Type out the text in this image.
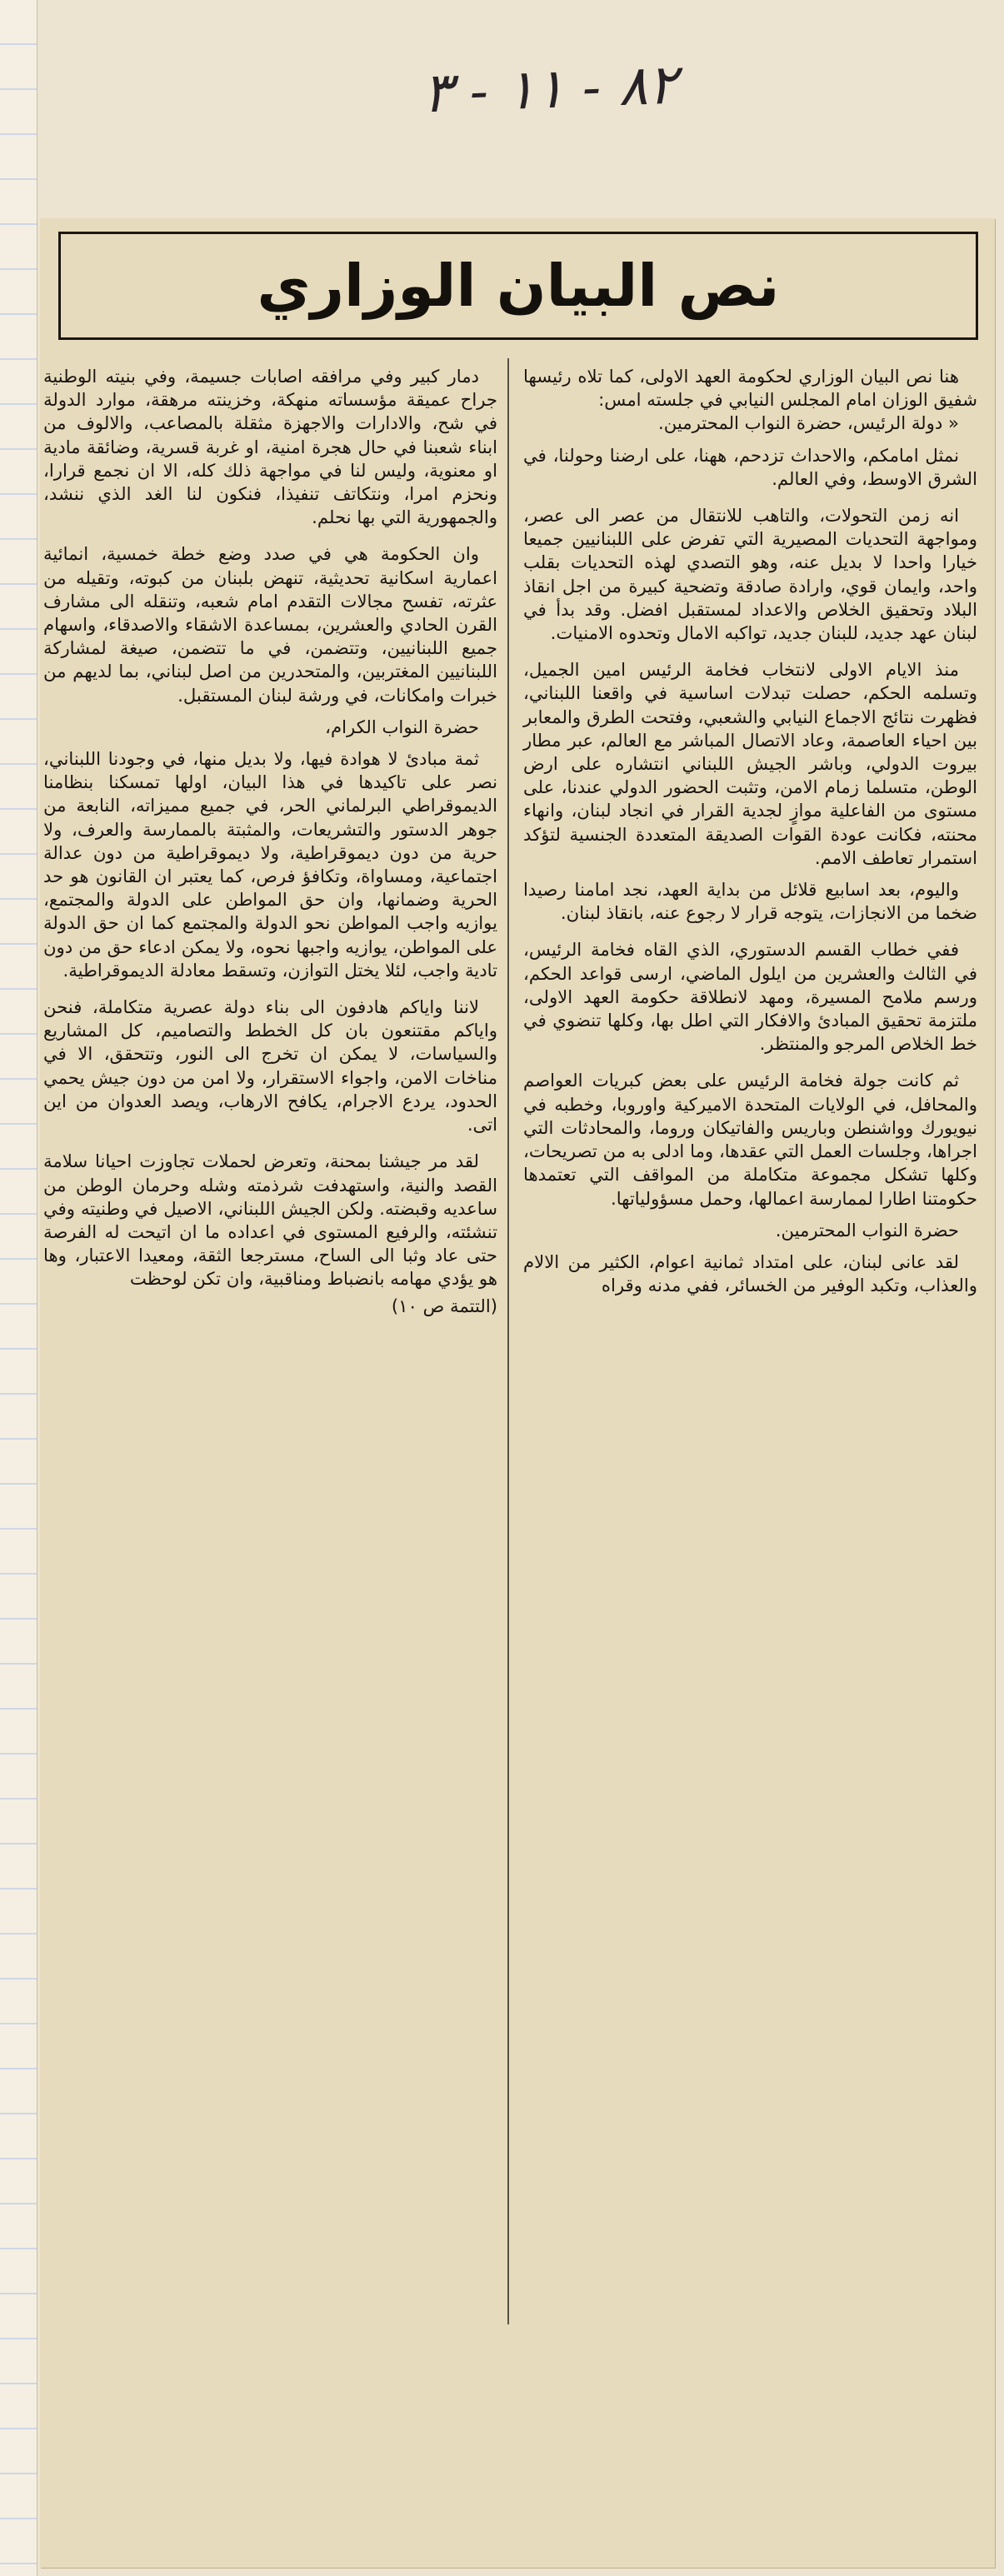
٨٢ - ١١ - ٣
نص البيان الوزاري

هنا نص البيان الوزاري لحكومة العهد الاولى، كما تلاه رئيسها شفيق الوزان امام المجلس النيابي في جلسته امس:

« دولة الرئيس، حضرة النواب المحترمين.

نمثل امامكم، والاحداث تزدحم، ههنا، على ارضنا وحولنا، في الشرق الاوسط، وفي العالم.

انه زمن التحولات، والتاهب للانتقال من عصر الى عصر، ومواجهة التحديات المصيرية التي تفرض على اللبنانيين جميعا خيارا واحدا لا بديل عنه، وهو التصدي لهذه التحديات بقلب واحد، وايمان قوي، وارادة صادقة وتضحية كبيرة من اجل انقاذ البلاد وتحقيق الخلاص والاعداد لمستقبل افضل. وقد بدأ في لبنان عهد جديد، للبنان جديد، تواكبه الامال وتحدوه الامنيات.

منذ الايام الاولى لانتخاب فخامة الرئيس امين الجميل، وتسلمه الحكم، حصلت تبدلات اساسية في واقعنا اللبناني، فظهرت نتائج الاجماع النيابي والشعبي، وفتحت الطرق والمعابر بين احياء العاصمة، وعاد الاتصال المباشر مع العالم، عبر مطار بيروت الدولي، وباشر الجيش اللبناني انتشاره على ارض الوطن، متسلما زمام الامن، وتثبت الحضور الدولي عندنا، على مستوى من الفاعلية موازٍ لجدية القرار في انجاد لبنان، وانهاء محنته، فكانت عودة القوات الصديقة المتعددة الجنسية لتؤكد استمرار تعاطف الامم.

واليوم، بعد اسابيع قلائل من بداية العهد، نجد امامنا رصيدا ضخما من الانجازات، يتوجه قرار لا رجوع عنه، بانقاذ لبنان.

ففي خطاب القسم الدستوري، الذي القاه فخامة الرئيس، في الثالث والعشرين من ايلول الماضي، ارسى قواعد الحكم، ورسم ملامح المسيرة، ومهد لانطلاقة حكومة العهد الاولى، ملتزمة تحقيق المبادئ والافكار التي اطل بها، وكلها تنضوي في خط الخلاص المرجو والمنتظر.

ثم كانت جولة فخامة الرئيس على بعض كبريات العواصم والمحافل، في الولايات المتحدة الاميركية واوروبا، وخطبه في نيويورك وواشنطن وباريس والفاتيكان وروما، والمحادثات التي اجراها، وجلسات العمل التي عقدها، وما ادلى به من تصريحات، وكلها تشكل مجموعة متكاملة من المواقف التي تعتمدها حكومتنا اطارا لممارسة اعمالها، وحمل مسؤولياتها.

حضرة النواب المحترمين.

لقد عانى لبنان، على امتداد ثمانية اعوام، الكثير من الالام والعذاب، وتكبد الوفير من الخسائر، ففي مدنه وقراه

دمار كبير وفي مرافقه اصابات جسيمة، وفي بنيته الوطنية جراح عميقة مؤسساته منهكة، وخزينته مرهقة، موارد الدولة في شح، والادارات والاجهزة مثقلة بالمصاعب، والالوف من ابناء شعبنا في حال هجرة امنية، او غربة قسرية، وضائقة مادية او معنوية، وليس لنا في مواجهة ذلك كله، الا ان نجمع قرارا، ونحزم امرا، ونتكاتف تنفيذا، فنكون لنا الغد الذي ننشد، والجمهورية التي بها نحلم.

وان الحكومة هي في صدد وضع خطة خمسية، انمائية اعمارية اسكانية تحديثية، تنهض بلبنان من كبوته، وتقيله من عثرته، تفسح مجالات التقدم امام شعبه، وتنقله الى مشارف القرن الحادي والعشرين، بمساعدة الاشقاء والاصدقاء، واسهام جميع اللبنانيين، وتتضمن، في ما تتضمن، صيغة لمشاركة اللبنانيين المغتربين، والمتحدرين من اصل لبناني، بما لديهم من خبرات وامكانات، في ورشة لبنان المستقبل.

حضرة النواب الكرام،

ثمة مبادئ لا هوادة فيها، ولا بديل منها، في وجودنا اللبناني، نصر على تاكيدها في هذا البيان، اولها تمسكنا بنظامنا الديموقراطي البرلماني الحر، في جميع مميزاته، النابعة من جوهر الدستور والتشريعات، والمثبتة بالممارسة والعرف، ولا حرية من دون ديموقراطية، ولا ديموقراطية من دون عدالة اجتماعية، ومساواة، وتكافؤ فرص، كما يعتبر ان القانون هو حد الحرية وضمانها، وان حق المواطن على الدولة والمجتمع، يوازيه واجب المواطن نحو الدولة والمجتمع كما ان حق الدولة على المواطن، يوازيه واجبها نحوه، ولا يمكن ادعاء حق من دون تادية واجب، لئلا يختل التوازن، وتسقط معادلة الديموقراطية.

لاننا واياكم هادفون الى بناء دولة عصرية متكاملة، فنحن واياكم مقتنعون بان كل الخطط والتصاميم، كل المشاريع والسياسات، لا يمكن ان تخرج الى النور، وتتحقق، الا في مناخات الامن، واجواء الاستقرار، ولا امن من دون جيش يحمي الحدود، يردع الاجرام، يكافح الارهاب، ويصد العدوان من اين اتى.

لقد مر جيشنا بمحنة، وتعرض لحملات تجاوزت احيانا سلامة القصد والنية، واستهدفت شرذمته وشله وحرمان الوطن من ساعديه وقبضته. ولكن الجيش اللبناني، الاصيل في وطنيته وفي تنشئته، والرفيع المستوى في اعداده ما ان اتيحت له الفرصة حتى عاد وثبا الى الساح، مسترجعا الثقة، ومعيدا الاعتبار، وها هو يؤدي مهامه بانضباط ومناقبية، وان تكن لوحظت

(التتمة ص ١٠)
